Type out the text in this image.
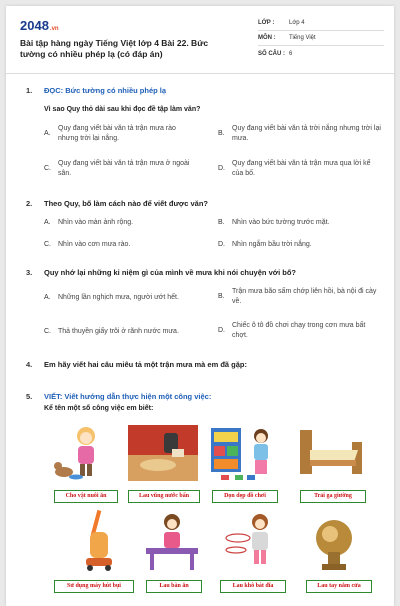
2048.vn
Bài tập hàng ngày Tiếng Việt lớp 4 Bài 22. Bức tường có nhiều phép lạ (có đáp án)
LỚP :	Lớp 4
MÔN :	Tiếng Việt
SỐ CÂU : 6
1. ĐỌC: Bức tường có nhiều phép lạ
Vì sao Quy thỏ dài sau khi đọc đề tập làm văn?
A.
Quy đang viết bài văn tả trận mưa rào nhưng trời lại nắng.
B.
Quy đang viết bài văn tả trời nắng nhưng trời lại mưa.
C.
Quy đang viết bài văn tả trận mưa ở ngoài sân.
D.
Quy đang viết bài văn tả trận mưa qua lời kể của bố.
2. Theo Quy, bố làm cách nào để viết được văn?
A. Nhìn vào màn ảnh rộng.	B. Nhìn vào bức tường trước mặt.
C. Nhìn vào cơn mưa rào.	D. Nhìn ngắm bầu trời nắng.
3. Quy nhớ lại những kỉ niệm gì của mình về mưa khi nói chuyện với bố?
A. Những lần nghịch mưa, người ướt hết.	B.
Trận mưa bão sấm chớp liên hồi, bà nội đi cày về.
C. Thả thuyền giấy trôi ở rãnh nước mưa.	D.
Chiếc ô tô đồ chơi chạy trong cơn mưa bất chợt.
4. Em hãy viết hai câu miêu tả một trận mưa mà em đã gặp:
5. VIẾT: Viết hướng dẫn thực hiện một công việc:
Kể tên một số công việc em biết:
Cho vật nuôi ăn	Lau vũng nước bẩn	Dọn dẹp đồ chơi	Trải ga giường
Sử dụng máy hút bụi	Lau bàn ăn	Lau khô bát đĩa	Lau tay nắm cửa
